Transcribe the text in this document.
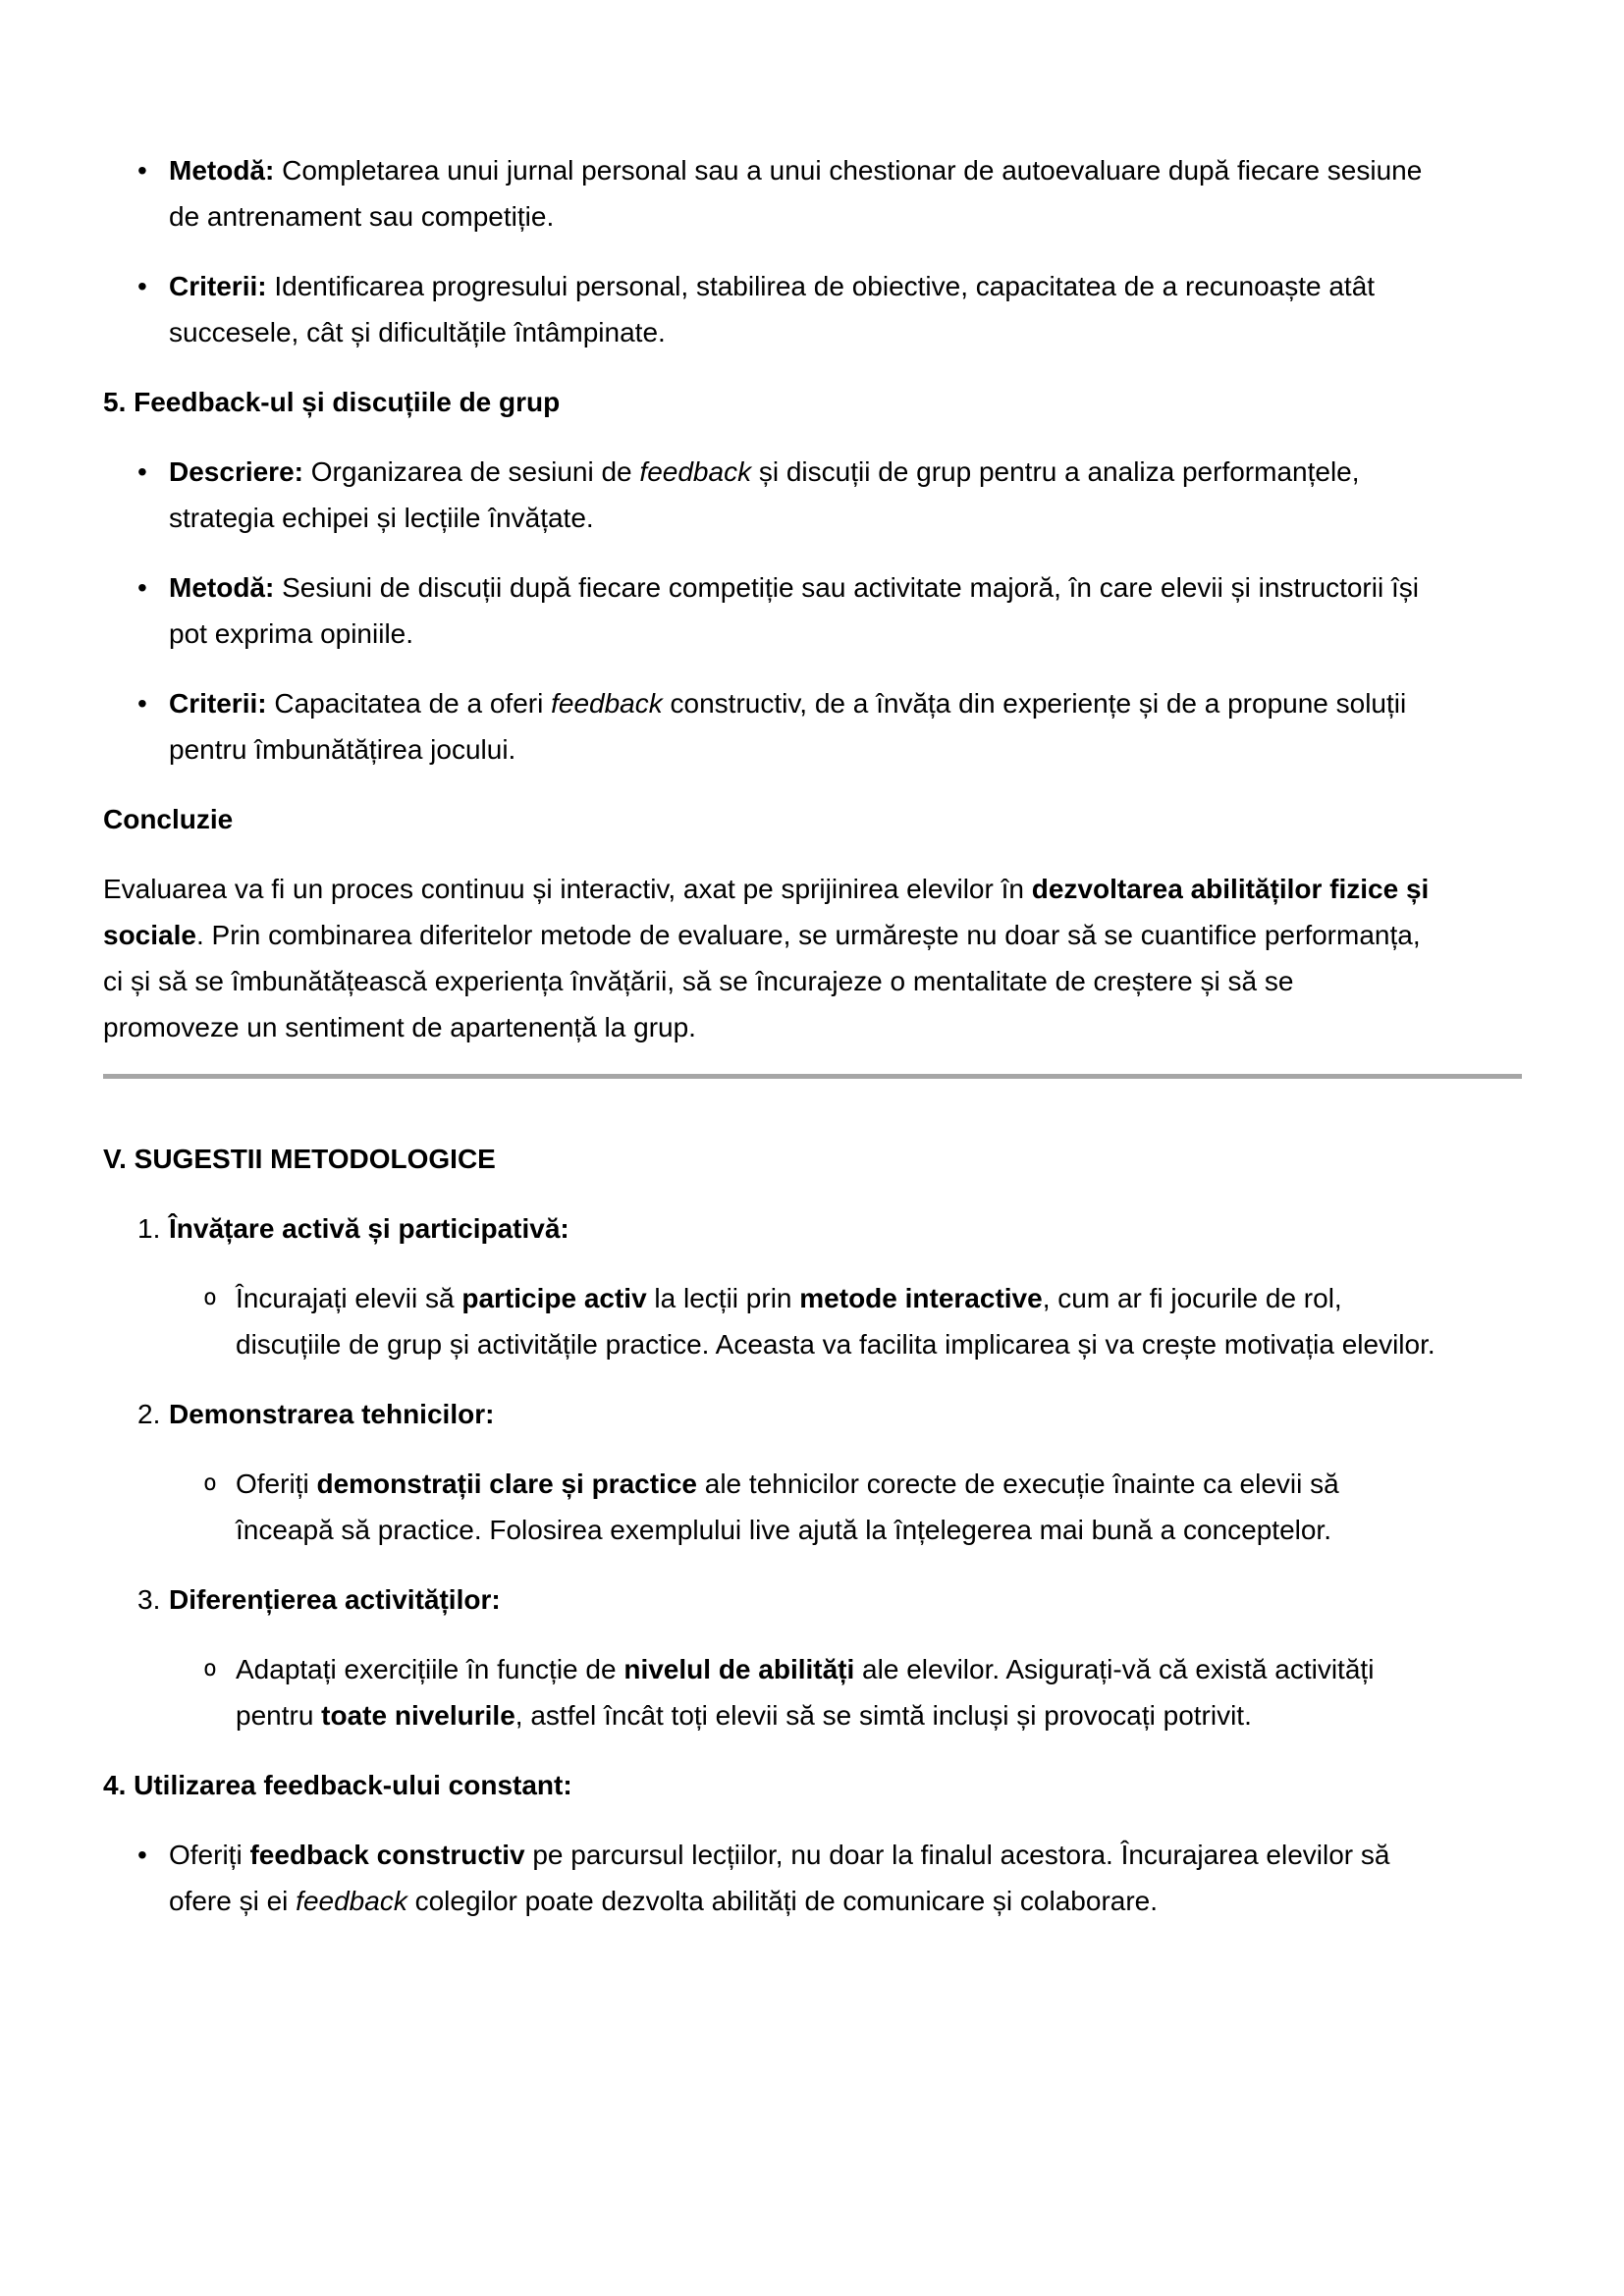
• Metodă: Completarea unui jurnal personal sau a unui chestionar de autoevaluare după fiecare sesiune de antrenament sau competiție.
• Criterii: Identificarea progresului personal, stabilirea de obiective, capacitatea de a recunoaște atât succesele, cât și dificultățile întâmpinate.
5. Feedback-ul și discuțiile de grup
• Descriere: Organizarea de sesiuni de feedback și discuții de grup pentru a analiza performanțele, strategia echipei și lecțiile învățate.
• Metodă: Sesiuni de discuții după fiecare competiție sau activitate majoră, în care elevii și instructorii își pot exprima opiniile.
• Criterii: Capacitatea de a oferi feedback constructiv, de a învăța din experiențe și de a propune soluții pentru îmbunătățirea jocului.
Concluzie
Evaluarea va fi un proces continuu și interactiv, axat pe sprijinirea elevilor în dezvoltarea abilităților fizice și sociale. Prin combinarea diferitelor metode de evaluare, se urmărește nu doar să se cuantifice performanța, ci și să se îmbunătățească experiența învățării, să se încurajeze o mentalitate de creștere și să se promoveze un sentiment de apartenență la grup.
V. SUGESTII METODOLOGICE
1. Învățare activă și participativă:
o Încurajați elevii să participe activ la lecții prin metode interactive, cum ar fi jocurile de rol, discuțiile de grup și activitățile practice. Aceasta va facilita implicarea și va crește motivația elevilor.
2. Demonstrarea tehnicilor:
o Oferiți demonstrații clare și practice ale tehnicilor corecte de execuție înainte ca elevii să înceapă să practice. Folosirea exemplului live ajută la înțelegerea mai bună a conceptelor.
3. Diferențierea activităților:
o Adaptați exercițiile în funcție de nivelul de abilități ale elevilor. Asigurați-vă că există activități pentru toate nivelurile, astfel încât toți elevii să se simtă incluși și provocați potrivit.
4. Utilizarea feedback-ului constant:
• Oferiți feedback constructiv pe parcursul lecțiilor, nu doar la finalul acestora. Încurajarea elevilor să ofere și ei feedback colegilor poate dezvolta abilități de comunicare și colaborare.
